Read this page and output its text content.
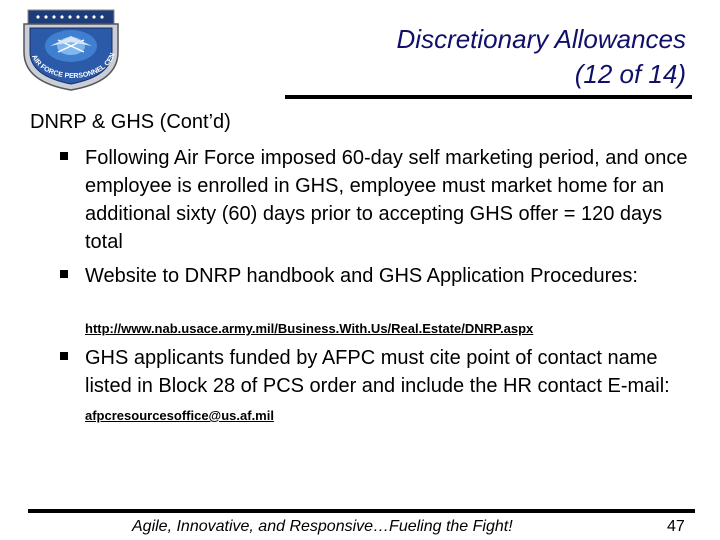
AIR FORCE PERSONNEL CEN
Discretionary Allowances
(12 of 14)
DNRP & GHS (Cont’d)
Following Air Force imposed 60-day self marketing period, and once employee is enrolled in GHS, employee must market home for an additional sixty (60) days prior to accepting GHS offer = 120 days total
Website to DNRP handbook and GHS Application Procedures:
http://www.nab.usace.army.mil/Business.With.Us/Real.Estate/DNRP.aspx
GHS applicants funded by AFPC must cite point of contact name listed in Block 28 of PCS order and include the HR contact E-mail: afpcresourcesoffice@us.af.mil
Agile, Innovative, and Responsive…Fueling the Fight!	47
